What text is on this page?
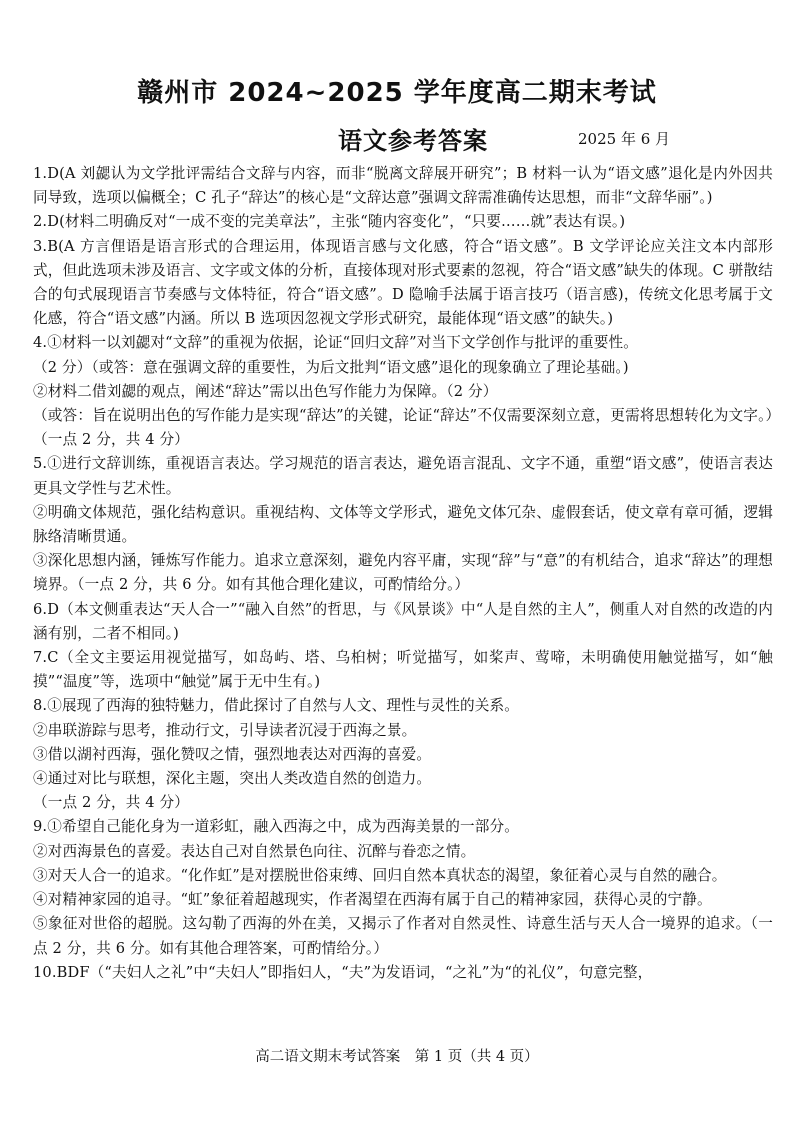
赣州市 2024~2025 学年度高二期末考试
语文参考答案	2025 年 6 月

1.D(A 刘勰认为文学批评需结合文辞与内容，而非“脱离文辞展开研究”；B 材料一认为“语文感”退化是内外因共同导致，选项以偏概全；C 孔子“辞达”的核心是“文辞达意”强调文辞需准确传达思想，而非“文辞华丽”。)

2.D(材料二明确反对“一成不变的完美章法”，主张“随内容变化”，“只要……就”表达有误。)

3.B(A 方言俚语是语言形式的合理运用，体现语言感与文化感，符合“语文感”。B 文学评论应关注文本内部形式，但此选项未涉及语言、文字或文体的分析，直接体现对形式要素的忽视，符合“语文感”缺失的体现。C 骈散结合的句式展现语言节奏感与文体特征，符合“语文感”。D 隐喻手法属于语言技巧（语言感)，传统文化思考属于文化感，符合“语文感”内涵。所以 B 选项因忽视文学形式研究，最能体现“语文感”的缺失。)

4.①材料一以刘勰对“文辞”的重视为依据，论证“回归文辞”对当下文学创作与批评的重要性。

（2 分）（或答：意在强调文辞的重要性，为后文批判“语文感”退化的现象确立了理论基础。)

②材料二借刘勰的观点，阐述“辞达”需以出色写作能力为保障。（2 分）

（或答：旨在说明出色的写作能力是实现“辞达”的关键，论证“辞达”不仅需要深刻立意，更需将思想转化为文字。）（一点 2 分，共 4 分）

5.①进行文辞训练，重视语言表达。学习规范的语言表达，避免语言混乱、文字不通，重塑“语文感”，使语言表达更具文学性与艺术性。

②明确文体规范，强化结构意识。重视结构、文体等文学形式，避免文体冗杂、虚假套话，使文章有章可循，逻辑脉络清晰贯通。

③深化思想内涵，锤炼写作能力。追求立意深刻，避免内容平庸，实现“辞”与“意”的有机结合，追求“辞达”的理想境界。（一点 2 分，共 6 分。如有其他合理化建议，可酌情给分。）

6.D（本文侧重表达“天人合一”“融入自然”的哲思，与《风景谈》中“人是自然的主人”，侧重人对自然的改造的内涵有别，二者不相同。)

7.C（全文主要运用视觉描写，如岛屿、塔、乌桕树；听觉描写，如桨声、莺啼，未明确使用触觉描写，如“触摸”“温度”等，选项中“触觉”属于无中生有。)

8.①展现了西海的独特魅力，借此探讨了自然与人文、理性与灵性的关系。

②串联游踪与思考，推动行文，引导读者沉浸于西海之景。

③借以湖衬西海，强化赞叹之情，强烈地表达对西海的喜爱。

④通过对比与联想，深化主题，突出人类改造自然的创造力。

（一点 2 分，共 4 分）

9.①希望自己能化身为一道彩虹，融入西海之中，成为西海美景的一部分。

②对西海景色的喜爱。表达自己对自然景色向往、沉醉与眷恋之情。

③对天人合一的追求。“化作虹”是对摆脱世俗束缚、回归自然本真状态的渴望，象征着心灵与自然的融合。

④对精神家园的追寻。“虹”象征着超越现实，作者渴望在西海有属于自己的精神家园，获得心灵的宁静。

⑤象征对世俗的超脱。这勾勒了西海的外在美，又揭示了作者对自然灵性、诗意生活与天人合一境界的追求。（一点 2 分，共 6 分。如有其他合理答案，可酌情给分。）

10.BDF（“夫妇人之礼”中“夫妇人”即指妇人，“夫”为发语词，“之礼”为“的礼仪”，句意完整，

高二语文期末考试答案　第 1 页（共 4 页）
